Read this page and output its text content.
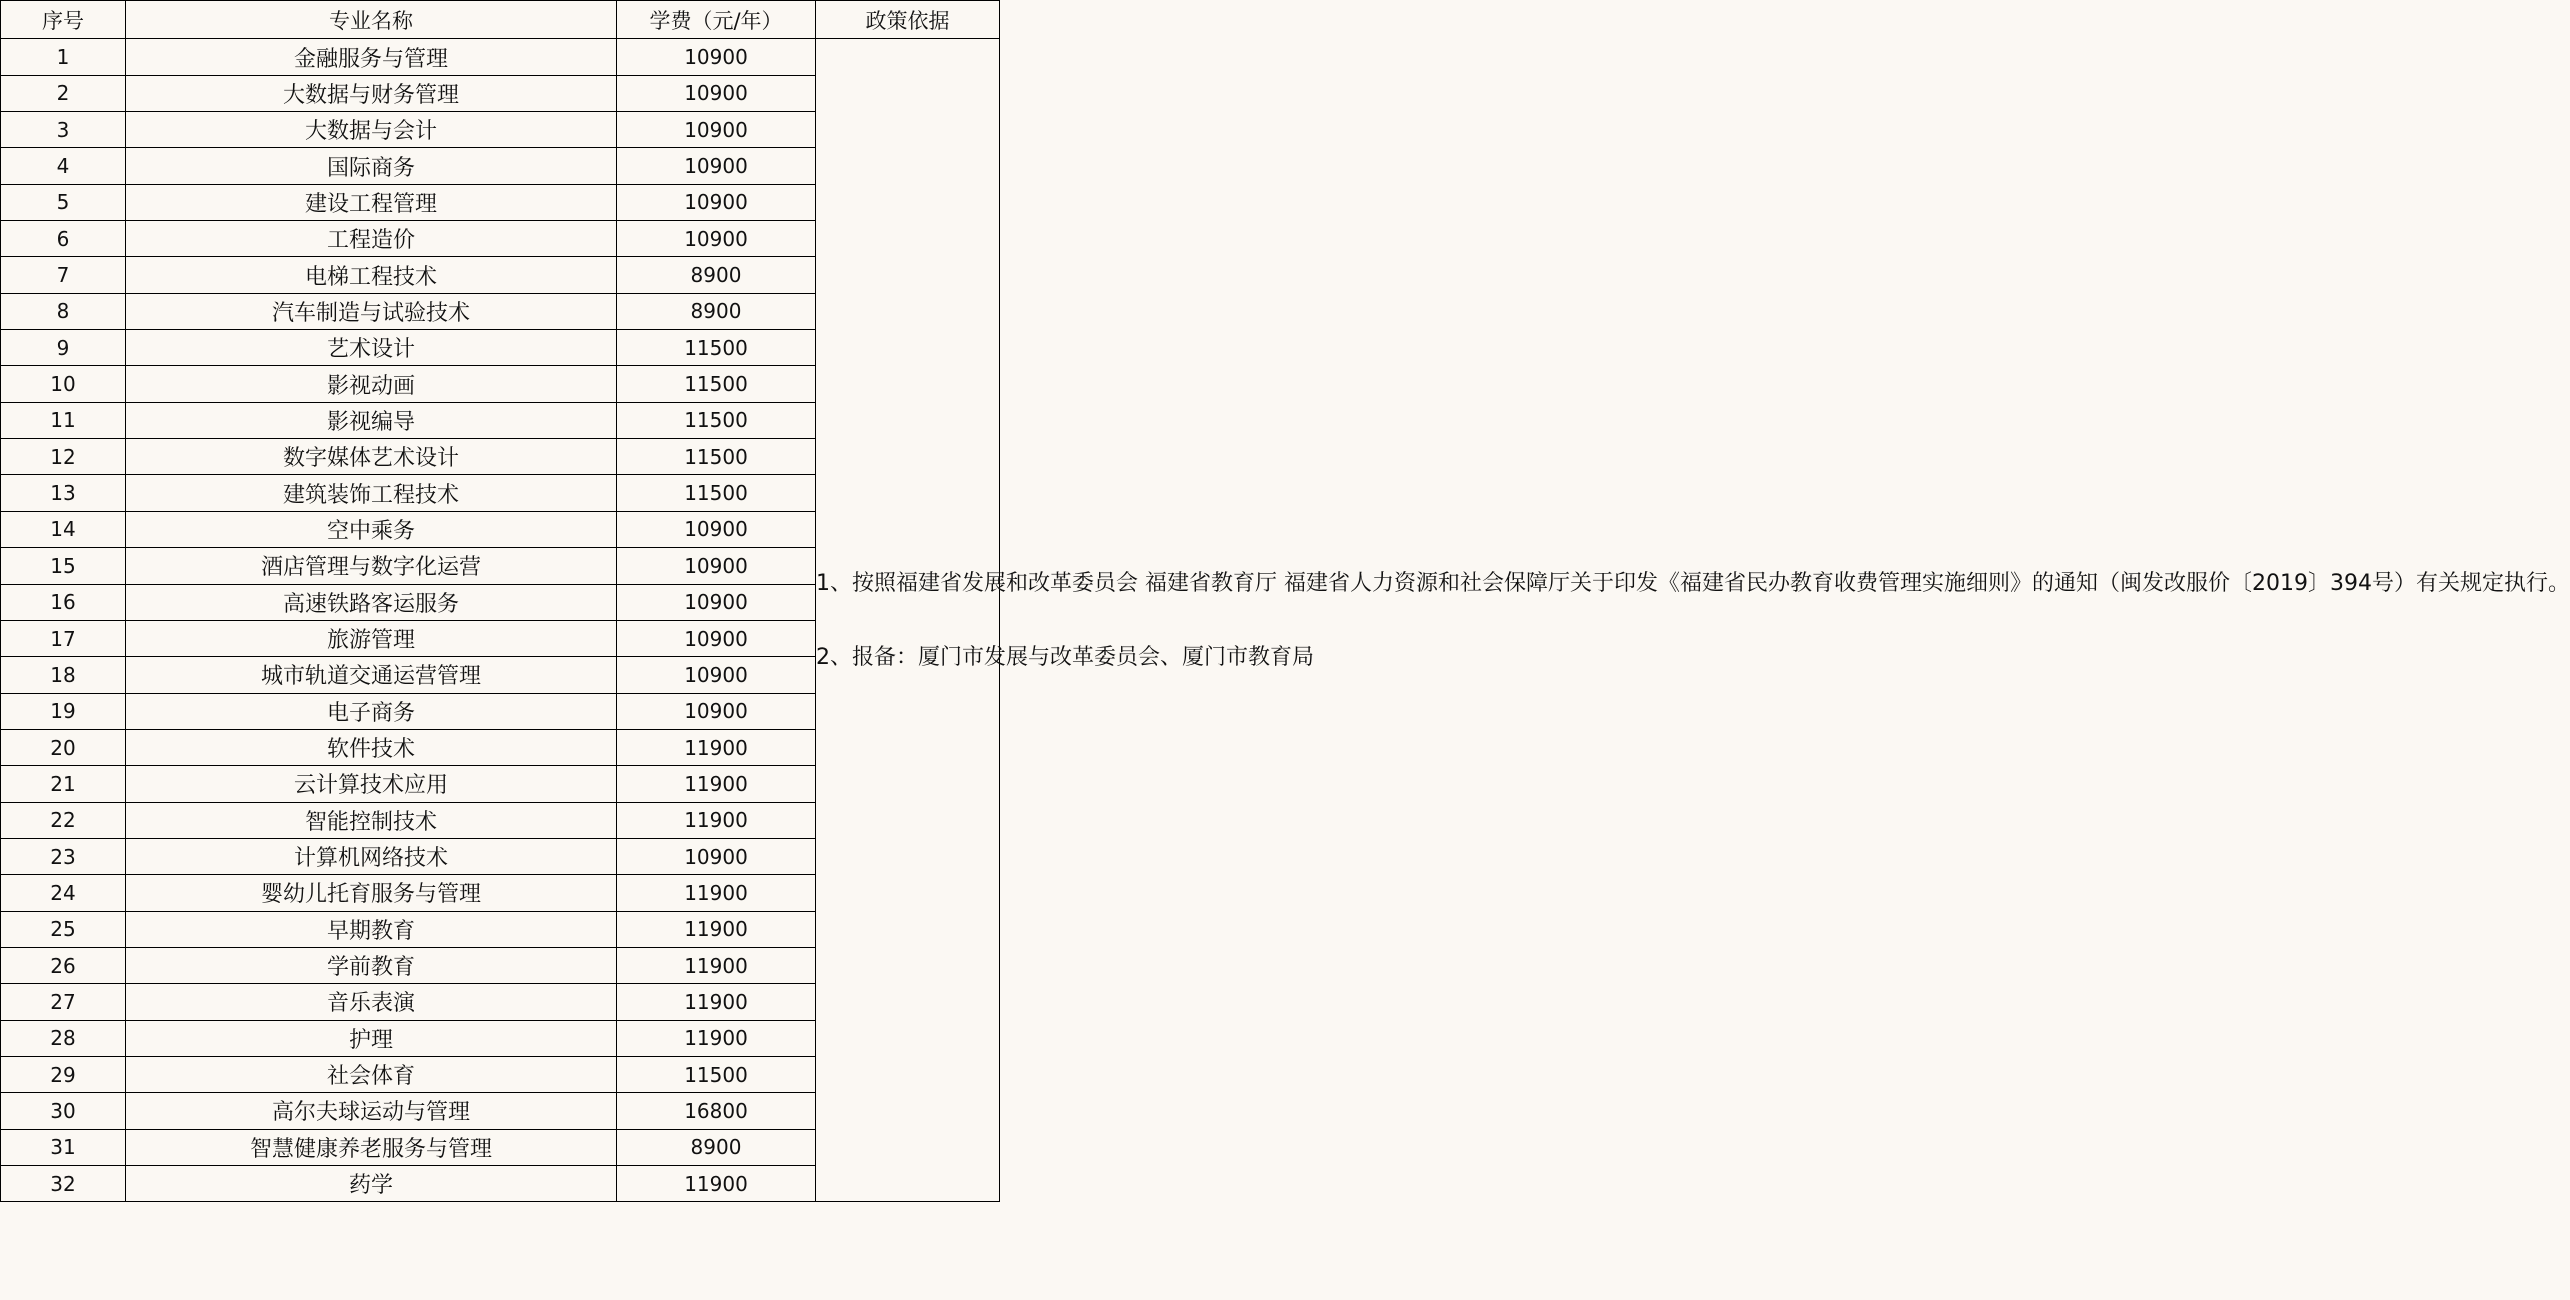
序号	专业名称	学费（元/年）	政策依据
1	金融服务与管理	10900	1、按照福建省发展和改革委员会 福建省教育厅 福建省人力资源和社会保障厅关于印发《福建省民办教育收费管理实施细则》的通知（闽发改服价〔2019〕394号）有关规定执行。
2、报备：厦门市发展与改革委员会、厦门市教育局

2	大数据与财务管理	10900	
3	大数据与会计	10900	
4	国际商务	10900	
5	建设工程管理	10900	
6	工程造价	10900	
7	电梯工程技术	8900	
8	汽车制造与试验技术	8900	
9	艺术设计	11500	
10	影视动画	11500	
11	影视编导	11500	
12	数字媒体艺术设计	11500	
13	建筑装饰工程技术	11500	
14	空中乘务	10900	
15	酒店管理与数字化运营	10900	
16	高速铁路客运服务	10900	
17	旅游管理	10900	
18	城市轨道交通运营管理	10900	
19	电子商务	10900	
20	软件技术	11900	
21	云计算技术应用	11900	
22	智能控制技术	11900	
23	计算机网络技术	10900	
24	婴幼儿托育服务与管理	11900	
25	早期教育	11900	
26	学前教育	11900	
27	音乐表演	11900	
28	护理	11900	
29	社会体育	11500	
30	高尔夫球运动与管理	16800	
31	智慧健康养老服务与管理	8900	
32	药学	11900	
